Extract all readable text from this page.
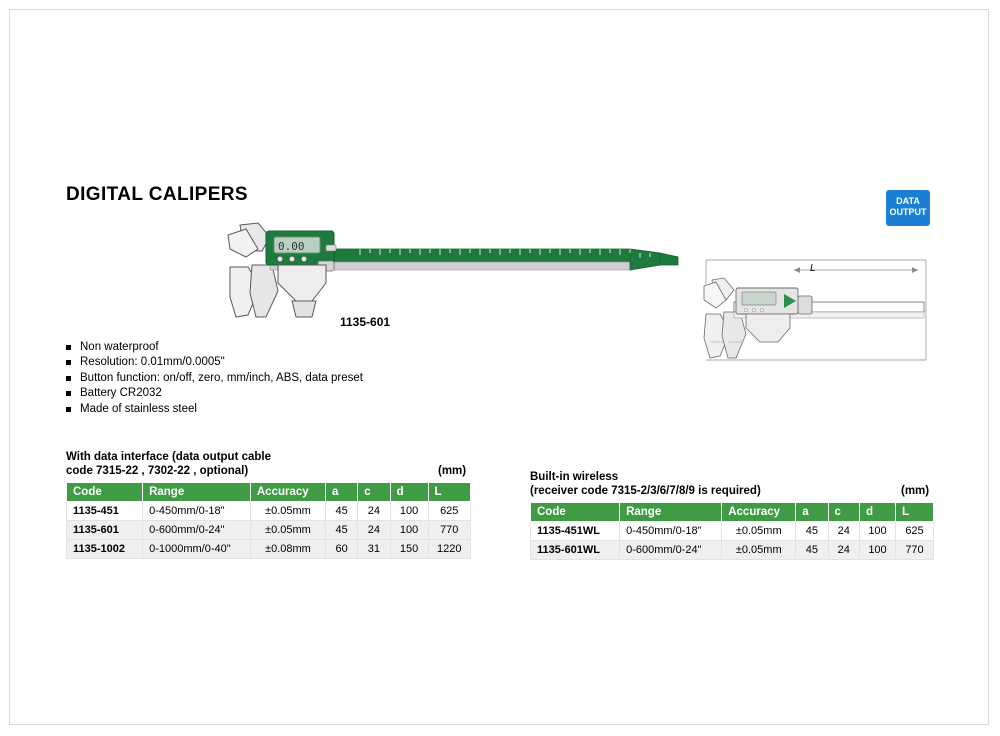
DIGITAL CALIPERS	DATA
OUTPUT
0.00
1135-601
L
Non waterproof
Resolution: 0.01mm/0.0005"
Button function: on/off, zero, mm/inch, ABS, data preset
Battery CR2032
Made of stainless steel
With data interface (data output cable
code 7315-22 , 7302-22 , optional)	(mm)
Code	Range	Accuracy	a	c	d	L
1135-451	0-450mm/0-18"	±0.05mm	45	24	100	625
1135-601	0-600mm/0-24"	±0.05mm	45	24	100	770
1135-1002	0-1000mm/0-40"	±0.08mm	60	31	150	1220
Built-in wireless
(receiver code 7315-2/3/6/7/8/9 is required)	(mm)
Code	Range	Accuracy	a	c	d	L
1135-451WL	0-450mm/0-18”	±0.05mm	45	24	100	625
1135-601WL	0-600mm/0-24"	±0.05mm	45	24	100	770
